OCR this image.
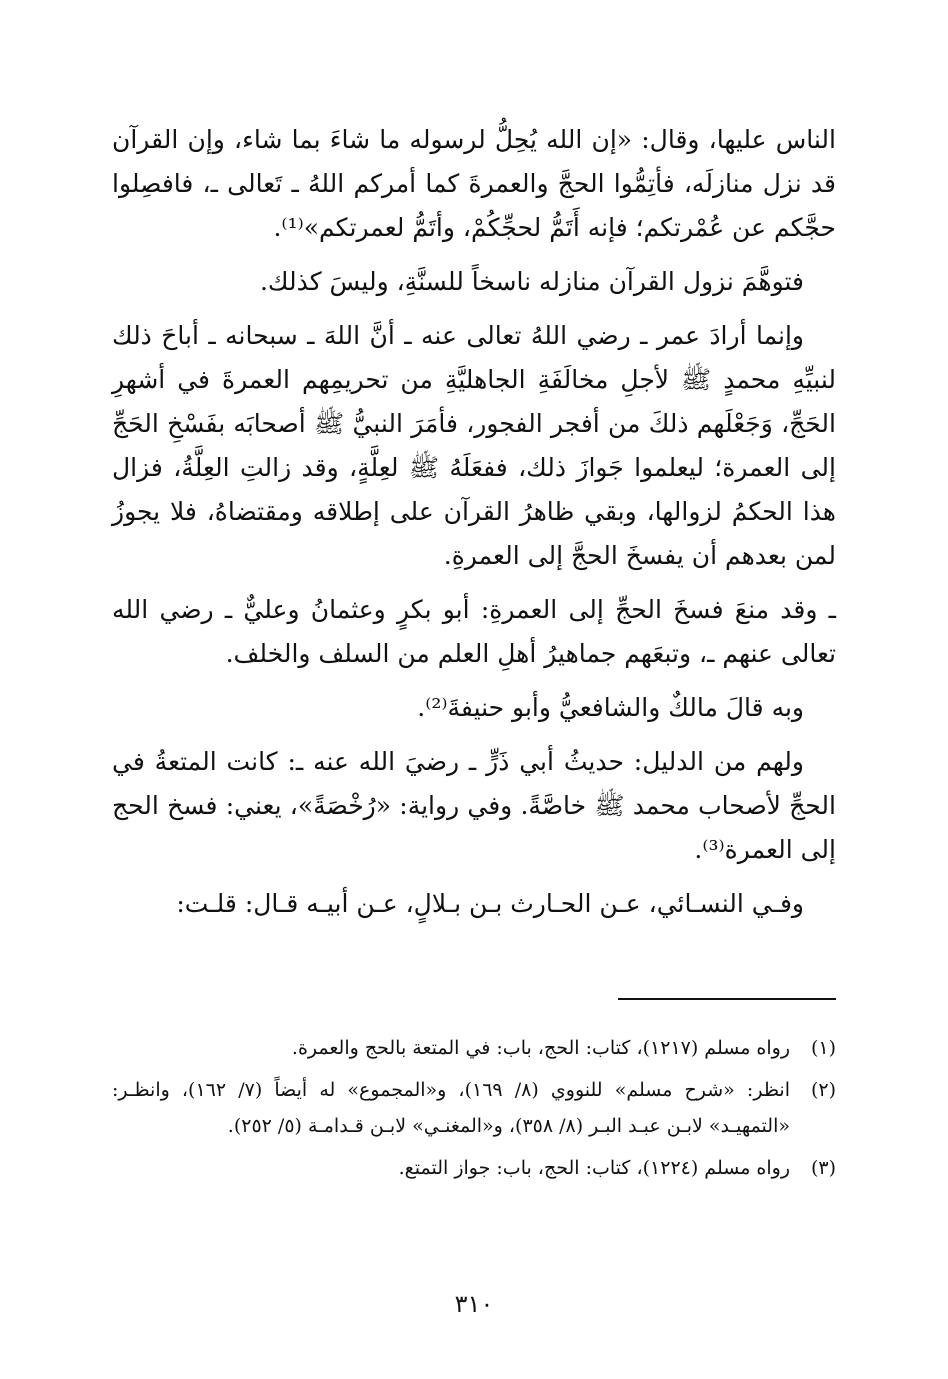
الناس عليها، وقال: «إن الله يُحِلُّ لرسوله ما شاءَ بما شاء، وإن القرآن قد نزل منازلَه، فأتِمُّوا الحجَّ والعمرةَ كما أمركم اللهُ ـ تَعالى ـ، فافصِلوا حجَّكم عن عُمْرتكم؛ فإنه أَتَمُّ لحجِّكُمْ، وأتَمُّ لعمرتكم»⁽¹⁾.

فتوهَّمَ نزول القرآن منازله ناسخاً للسنَّةِ، وليسَ كذلك.

وإنما أرادَ عمر ـ رضي اللهُ تعالى عنه ـ أنَّ اللهَ ـ سبحانه ـ أباحَ ذلك لنبيِّهِ محمدٍ ﷺ لأجلِ مخالَفَةِ الجاهليَّةِ من تحريمِهم العمرةَ في أشهرِ الحَجِّ، وَجَعْلَهم ذلكَ من أفجر الفجور، فأمَرَ النبيُّ ﷺ أصحابَه بفَسْخِ الحَجِّ إلى العمرة؛ ليعلموا جَوازَ ذلك، ففعَلَهُ ﷺ لعِلَّةٍ، وقد زالتِ العِلَّةُ، فزال هذا الحكمُ لزوالها، وبقي ظاهرُ القرآن على إطلاقه ومقتضاهُ، فلا يجوزُ لمن بعدهم أن يفسخَ الحجَّ إلى العمرةِ.

ـ وقد منعَ فسخَ الحجِّ إلى العمرةِ: أبو بكرٍ وعثمانُ وعليٌّ ـ رضي الله تعالى عنهم ـ، وتبعَهم جماهيرُ أهلِ العلم من السلف والخلف.

وبه قالَ مالكٌ والشافعيُّ وأبو حنيفةَ⁽²⁾.

ولهم من الدليل: حديثُ أبي ذَرٍّ ـ رضيَ الله عنه ـ: كانت المتعةُ في الحجِّ لأصحاب محمد ﷺ خاصَّةً. وفي رواية: «رُخْصَةً»، يعني: فسخ الحج إلى العمرة⁽³⁾.

وفـي النسـائي، عـن الحـارث بـن بـلالٍ، عـن أبيـه قـال: قلـت:

(١)
رواه مسلم (١٢١٧)، كتاب: الحج، باب: في المتعة بالحج والعمرة.
(٢)
انظر: «شرح مسلم» للنووي (٨/ ١٦٩)، و«المجموع» له أيضاً (٧/ ١٦٢)، وانظـر: «التمهيـد» لابـن عبـد البـر (٨/ ٣٥٨)، و«المغنـي» لابـن قـدامـة (٥/ ٢٥٢).
(٣)
رواه مسلم (١٢٢٤)، كتاب: الحج، باب: جواز التمتع.
٣١٠
